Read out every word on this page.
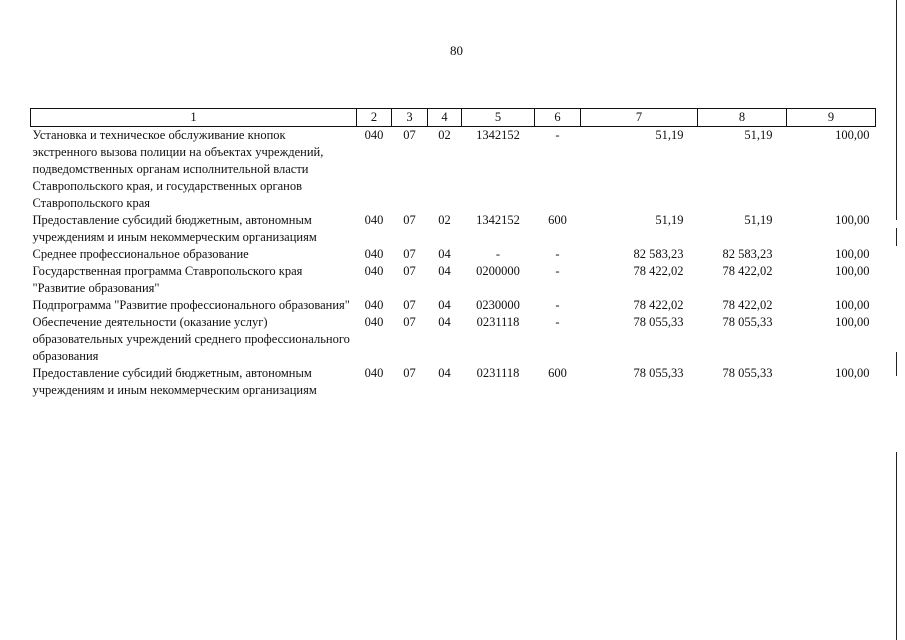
80
1	2	3	4	5	6	7	8	9
Установка и техническое обслуживание кнопок экстренного вызова полиции на объектах учреждений, подведомственных органам исполнительной власти Ставропольского края, и государственных органов Ставропольского края	040	07	02	1342152	-	51,19	51,19	100,00
Предоставление субсидий бюджетным, автономным учреждениям и иным некоммерческим организациям	040	07	02	1342152	600	51,19	51,19	100,00
Среднее профессиональное образование	040	07	04	-	-	82 583,23	82 583,23	100,00
Государственная программа Ставропольского края "Развитие образования"	040	07	04	0200000	-	78 422,02	78 422,02	100,00
Подпрограмма "Развитие профессионального образования"	040	07	04	0230000	-	78 422,02	78 422,02	100,00
Обеспечение деятельности (оказание услуг) образовательных учреждений среднего профессионального образования	040	07	04	0231118	-	78 055,33	78 055,33	100,00
Предоставление субсидий бюджетным, автономным учреждениям и иным некоммерческим организациям	040	07	04	0231118	600	78 055,33	78 055,33	100,00
